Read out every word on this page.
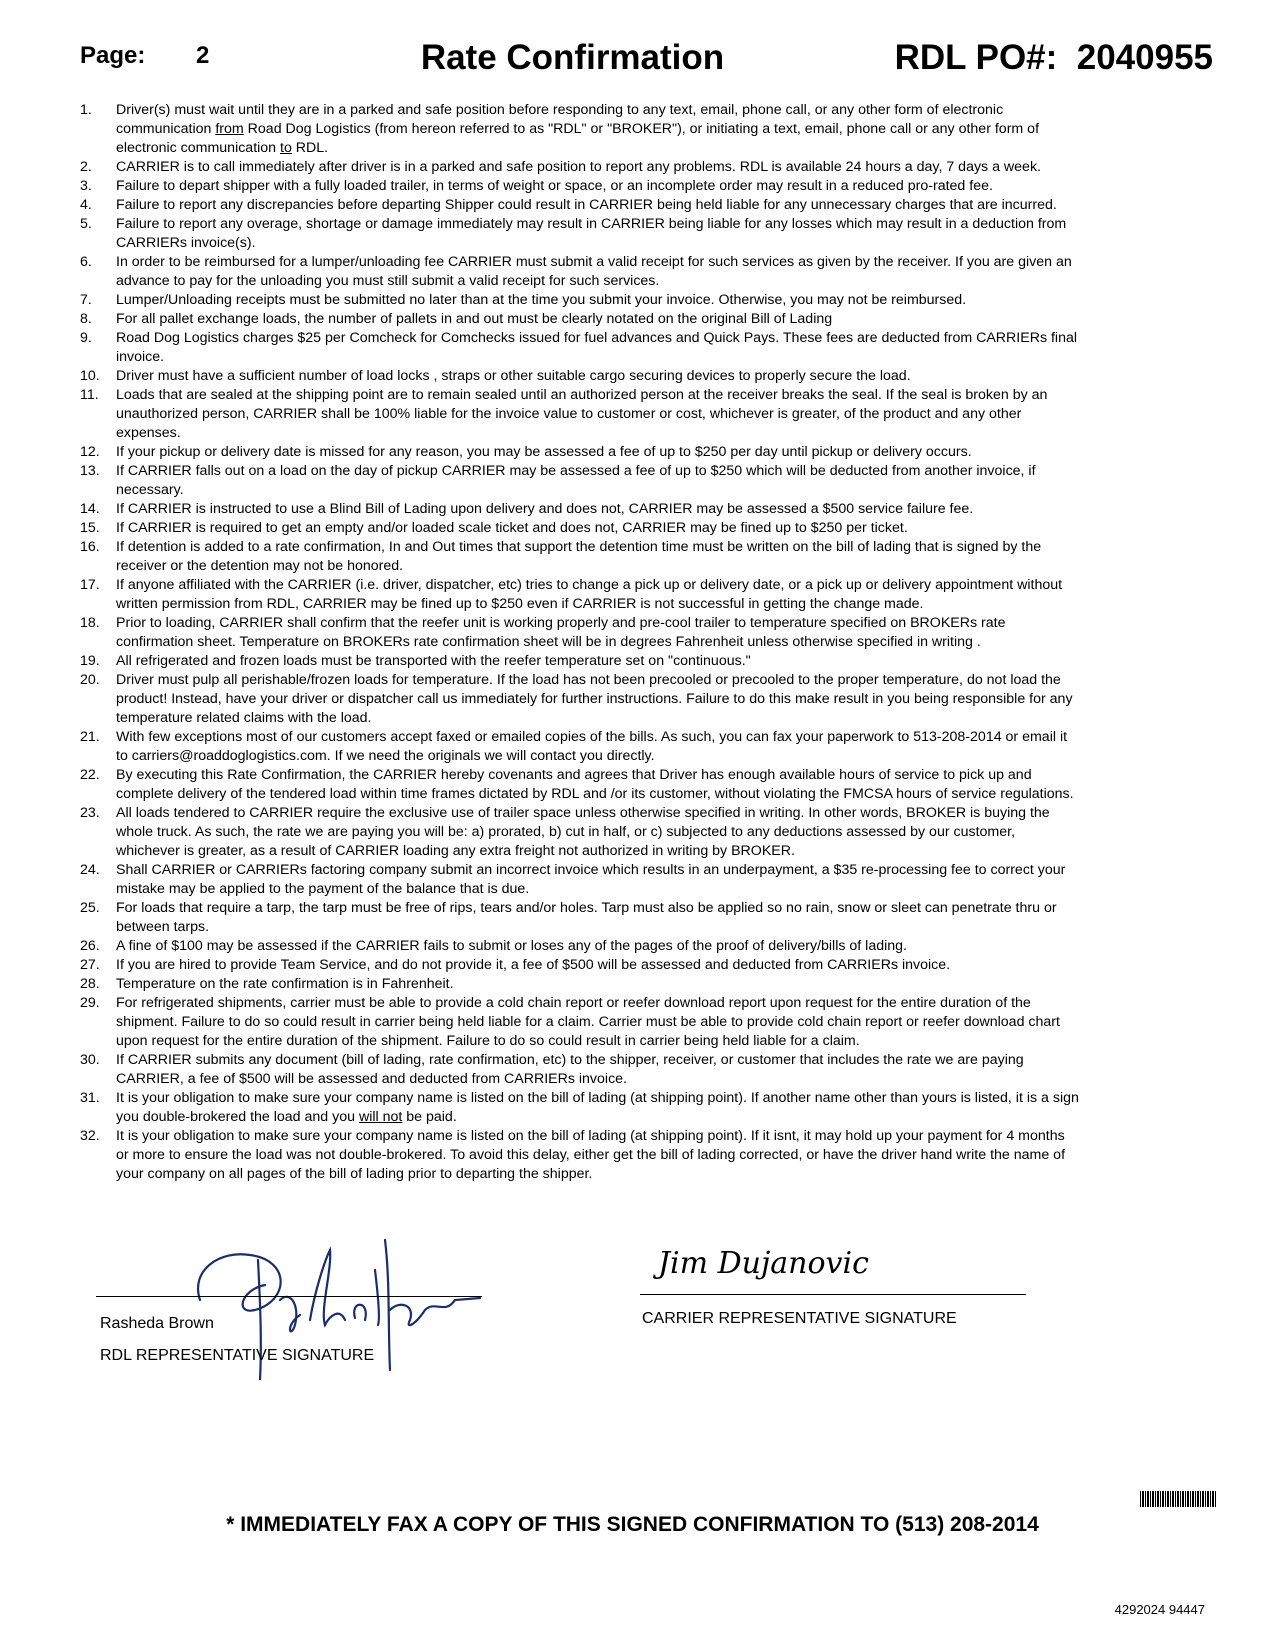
Page: 2	Rate Confirmation	RDL PO#:  2040955
1. Driver(s) must wait until they are in a parked and safe position before responding to any text, email, phone call, or any other form of electronic communication from Road Dog Logistics (from hereon referred to as "RDL" or "BROKER"), or initiating a text, email, phone call or any other form of electronic communication to RDL.
2. CARRIER is to call immediately after driver is in a parked and safe position to report any problems. RDL is available 24 hours a day, 7 days a week.
3. Failure to depart shipper with a fully loaded trailer, in terms of weight or space, or an incomplete order may result in a reduced pro-rated fee.
4. Failure to report any discrepancies before departing Shipper could result in CARRIER being held liable for any unnecessary charges that are incurred.
5. Failure to report any overage, shortage or damage immediately may result in CARRIER being liable for any losses which may result in a deduction from CARRIERs invoice(s).
6. In order to be reimbursed for a lumper/unloading fee CARRIER must submit a valid receipt for such services as given by the receiver. If you are given an advance to pay for the unloading you must still submit a valid receipt for such services.
7. Lumper/Unloading receipts must be submitted no later than at the time you submit your invoice. Otherwise, you may not be reimbursed.
8. For all pallet exchange loads, the number of pallets in and out must be clearly notated on the original Bill of Lading
9. Road Dog Logistics charges $25 per Comcheck for Comchecks issued for fuel advances and Quick Pays. These fees are deducted from CARRIERs final invoice.
10. Driver must have a sufficient number of load locks , straps or other suitable cargo securing devices to properly secure the load.
11. Loads that are sealed at the shipping point are to remain sealed until an authorized person at the receiver breaks the seal. If the seal is broken by an unauthorized person, CARRIER shall be 100% liable for the invoice value to customer or cost, whichever is greater, of the product and any other expenses.
12. If your pickup or delivery date is missed for any reason, you may be assessed a fee of up to $250 per day until pickup or delivery occurs.
13. If CARRIER falls out on a load on the day of pickup CARRIER may be assessed a fee of up to $250 which will be deducted from another invoice, if necessary.
14. If CARRIER is instructed to use a Blind Bill of Lading upon delivery and does not, CARRIER may be assessed a $500 service failure fee.
15. If CARRIER is required to get an empty and/or loaded scale ticket and does not, CARRIER may be fined up to $250 per ticket.
16. If detention is added to a rate confirmation, In and Out times that support the detention time must be written on the bill of lading that is signed by the receiver or the detention may not be honored.
17. If anyone affiliated with the CARRIER (i.e. driver, dispatcher, etc) tries to change a pick up or delivery date, or a pick up or delivery appointment without written permission from RDL, CARRIER may be fined up to $250 even if CARRIER is not successful in getting the change made.
18. Prior to loading, CARRIER shall confirm that the reefer unit is working properly and pre-cool trailer to temperature specified on BROKERs rate confirmation sheet. Temperature on BROKERs rate confirmation sheet will be in degrees Fahrenheit unless otherwise specified in writing .
19. All refrigerated and frozen loads must be transported with the reefer temperature set on "continuous."
20. Driver must pulp all perishable/frozen loads for temperature. If the load has not been precooled or precooled to the proper temperature, do not load the product! Instead, have your driver or dispatcher call us immediately for further instructions. Failure to do this make result in you being responsible for any temperature related claims with the load.
21. With few exceptions most of our customers accept faxed or emailed copies of the bills. As such, you can fax your paperwork to 513-208-2014 or email it to carriers@roaddoglogistics.com. If we need the originals we will contact you directly.
22. By executing this Rate Confirmation, the CARRIER hereby covenants and agrees that Driver has enough available hours of service to pick up and complete delivery of the tendered load within time frames dictated by RDL and /or its customer, without violating the FMCSA hours of service regulations.
23. All loads tendered to CARRIER require the exclusive use of trailer space unless otherwise specified in writing. In other words, BROKER is buying the whole truck. As such, the rate we are paying you will be: a) prorated, b) cut in half, or c) subjected to any deductions assessed by our customer, whichever is greater, as a result of CARRIER loading any extra freight not authorized in writing by BROKER.
24. Shall CARRIER or CARRIERs factoring company submit an incorrect invoice which results in an underpayment, a $35 re-processing fee to correct your mistake may be applied to the payment of the balance that is due.
25. For loads that require a tarp, the tarp must be free of rips, tears and/or holes. Tarp must also be applied so no rain, snow or sleet can penetrate thru or between tarps.
26. A fine of $100 may be assessed if the CARRIER fails to submit or loses any of the pages of the proof of delivery/bills of lading.
27. If you are hired to provide Team Service, and do not provide it, a fee of $500 will be assessed and deducted from CARRIERs invoice.
28. Temperature on the rate confirmation is in Fahrenheit.
29. For refrigerated shipments, carrier must be able to provide a cold chain report or reefer download report upon request for the entire duration of the shipment. Failure to do so could result in carrier being held liable for a claim. Carrier must be able to provide cold chain report or reefer download chart upon request for the entire duration of the shipment. Failure to do so could result in carrier being held liable for a claim.
30. If CARRIER submits any document (bill of lading, rate confirmation, etc) to the shipper, receiver, or customer that includes the rate we are paying CARRIER, a fee of $500 will be assessed and deducted from CARRIERs invoice.
31. It is your obligation to make sure your company name is listed on the bill of lading (at shipping point). If another name other than yours is listed, it is a sign you double-brokered the load and you will not be paid.
32. It is your obligation to make sure your company name is listed on the bill of lading (at shipping point). If it isnt, it may hold up your payment for 4 months or more to ensure the load was not double-brokered. To avoid this delay, either get the bill of lading corrected, or have the driver hand write the name of your company on all pages of the bill of lading prior to departing the shipper.
Rasheda Brown
RDL REPRESENTATIVE SIGNATURE
Jim Dujanovic
CARRIER REPRESENTATIVE SIGNATURE
* IMMEDIATELY FAX A COPY OF THIS SIGNED CONFIRMATION TO (513) 208-2014
4292024 94447
